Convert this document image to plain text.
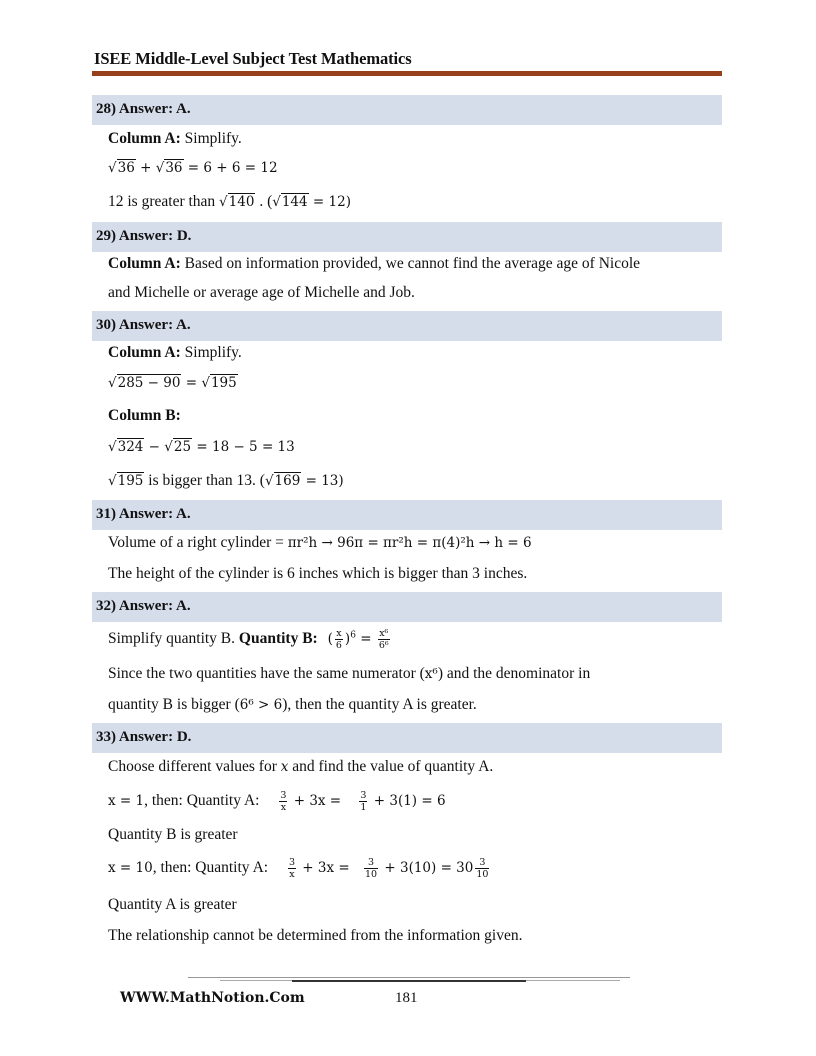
ISEE Middle-Level Subject Test Mathematics
28) Answer: A.
Column A: Simplify.
√36 + √36 = 6 + 6 = 12
12 is greater than √140 . (√144 = 12)
29) Answer: D.
Column A: Based on information provided, we cannot find the average age of Nicole
and Michelle or average age of Michelle and Job.
30) Answer: A.
Column A: Simplify.
√285 − 90 = √195
Column B:
√324 − √25 = 18 − 5 = 13
√195 is bigger than 13. (√169 = 13)
31) Answer: A.
Volume of a right cylinder = πr²h → 96π = πr²h = π(4)²h → h = 6
The height of the cylinder is 6 inches which is bigger than 3 inches.
32) Answer: A.
Simplify quantity B. Quantity B: ( $\frac{x}{6} )^6 = \frac{\text{x⁶}}{\text{6⁶}}$
Since the two quantities have the same numerator (x⁶) and the denominator in
quantity B is bigger (6⁶ > 6), then the quantity A is greater.
33) Answer: D.
Choose different values for x and find the value of quantity A.
x = 1, then: Quantity A: $\frac{3}{x} + 3x = \frac{3}{1} + 3(1) = 6$
Quantity B is greater
x = 10, then: Quantity A: $\frac{3}{x} + 3x = \frac{3}{10} + 3(10) = 30 \frac{3}{10}$
Quantity A is greater
The relationship cannot be determined from the information given.
WWW.MathNotion.Com	181
